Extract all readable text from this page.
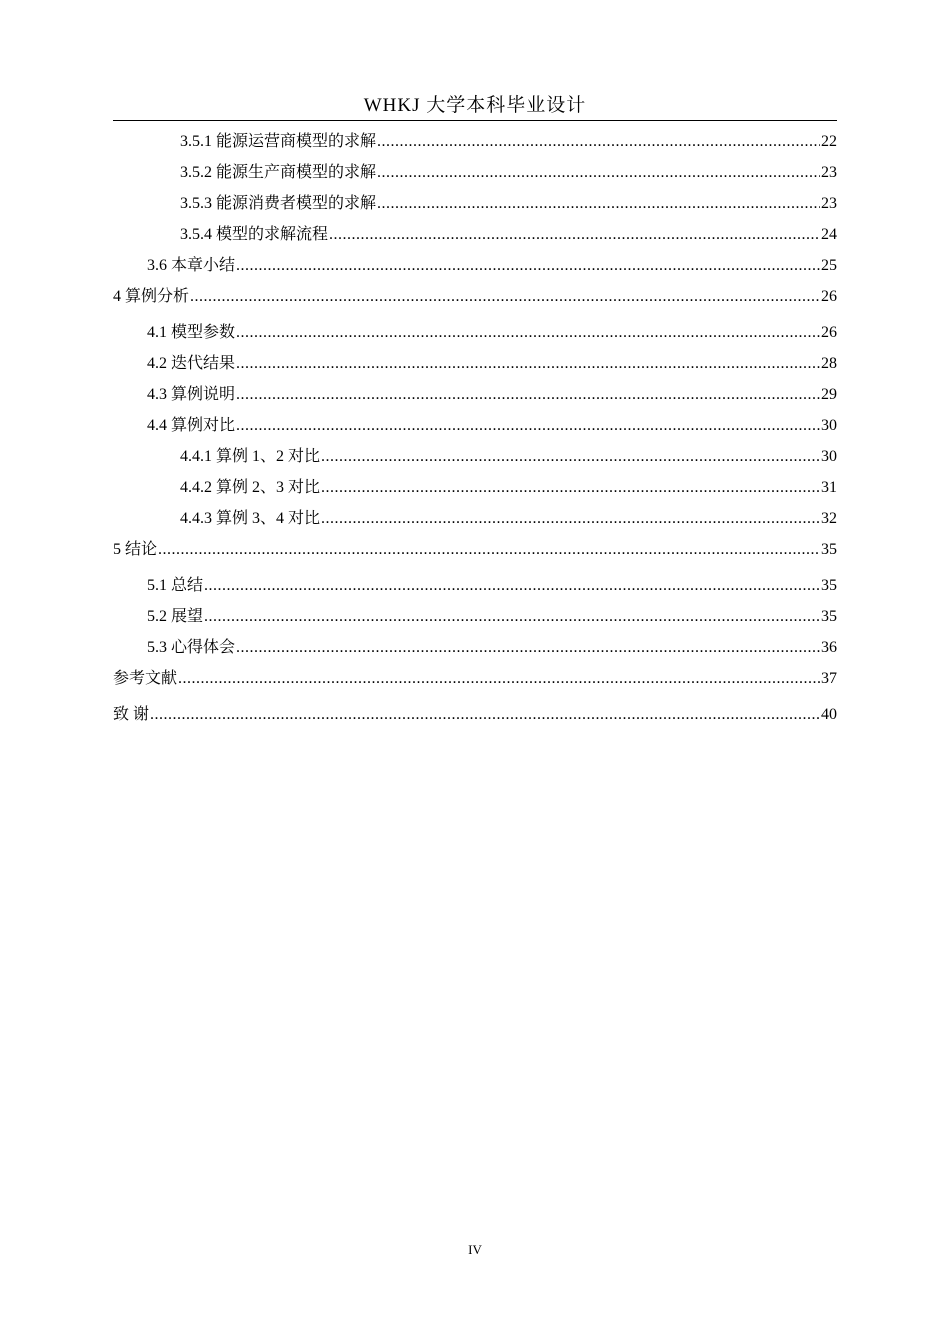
WHKJ 大学本科毕业设计
3.5.1 能源运营商模型的求解 .....	22
3.5.2 能源生产商模型的求解 .....	23
3.5.3 能源消费者模型的求解 .....	23
3.5.4 模型的求解流程 .....	24
3.6 本章小结 .....	25
4 算例分析 .....	26
4.1 模型参数 .....	26
4.2 迭代结果 .....	28
4.3 算例说明 .....	29
4.4 算例对比 .....	30
4.4.1 算例 1、2 对比 .....	30
4.4.2 算例 2、3 对比 .....	31
4.4.3 算例 3、4 对比 .....	32
5 结论 .....	35
5.1 总结 .....	35
5.2 展望 .....	35
5.3 心得体会 .....	36
参考文献 .....	37
致 谢 .....	40
IV
